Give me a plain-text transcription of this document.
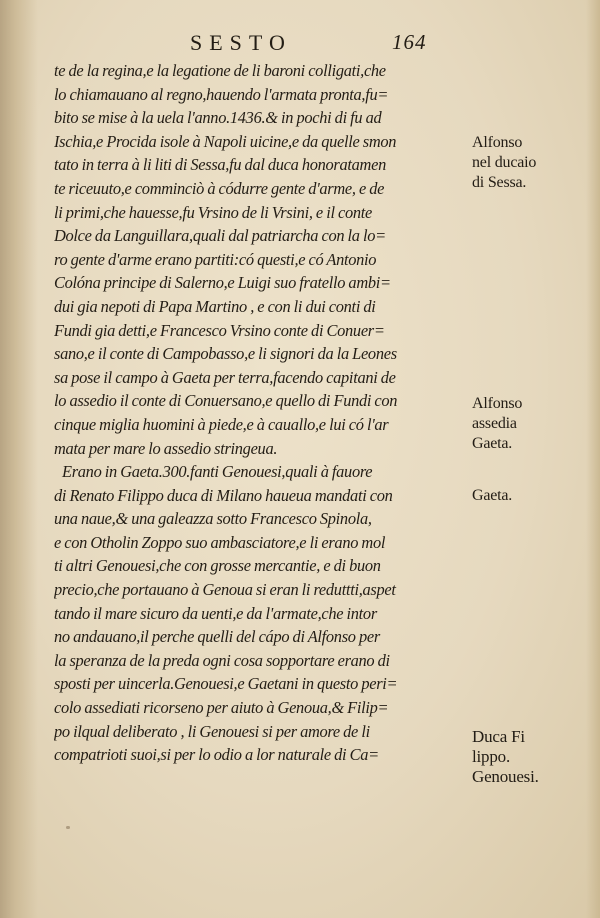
SESTO	164
te de la regina,e la legatione de li baroni colligati,che
lo chiamauano al regno,hauendo l'armata pronta,fu=
bito se mise à la uela l'anno.1436.& in pochi di fu ad
Ischia,e Procida isole à Napoli uicine,e da quelle smon
tato in terra à li liti di Sessa,fu dal duca honoratamen
te riceuuto,e comminciò à códurre gente d'arme, e de
li primi,che hauesse,fu Vrsino de li Vrsini, e il conte
Dolce da Languillara,quali dal patriarcha con la lo=
ro gente d'arme erano partiti:có questi,e có Antonio
Colóna principe di Salerno,e Luigi suo fratello ambi=
dui gia nepoti di Papa Martino , e con li dui conti di
Fundi gia detti,e Francesco Vrsino conte di Conuer=
sano,e il conte di Campobasso,e li signori da la Leones
sa pose il campo à Gaeta per terra,facendo capitani de
lo assedio il conte di Conuersano,e quello di Fundi con
cinque miglia huomini à piede,e à cauallo,e lui có l'ar
mata per mare lo assedio stringeua.
Erano in Gaeta.300.fanti Genouesi,quali à fauore
di Renato Filippo duca di Milano haueua mandati con
una naue,& una galeazza sotto Francesco Spinola,
e con Otholin Zoppo suo ambasciatore,e li erano mol
ti altri Genouesi,che con grosse mercantie, e di buon
precio,che portauano à Genoua si eran li reduttti,aspet
tando il mare sicuro da uenti,e da l'armate,che intor
no andauano,il perche quelli del cápo di Alfonso per
la speranza de la preda ogni cosa sopportare erano di
sposti per uincerla.Genouesi,e Gaetani in questo peri=
colo assediati ricorseno per aiuto à Genoua,& Filip=
po ilqual deliberato , li Genouesi si per amore de li
compatrioti suoi,si per lo odio a lor naturale di Ca=
Alfonso
nel ducaio
di Sessa.
Alfonso
assedia
Gaeta.
Gaeta.
Duca Fi
lippo.
Genouesi.
